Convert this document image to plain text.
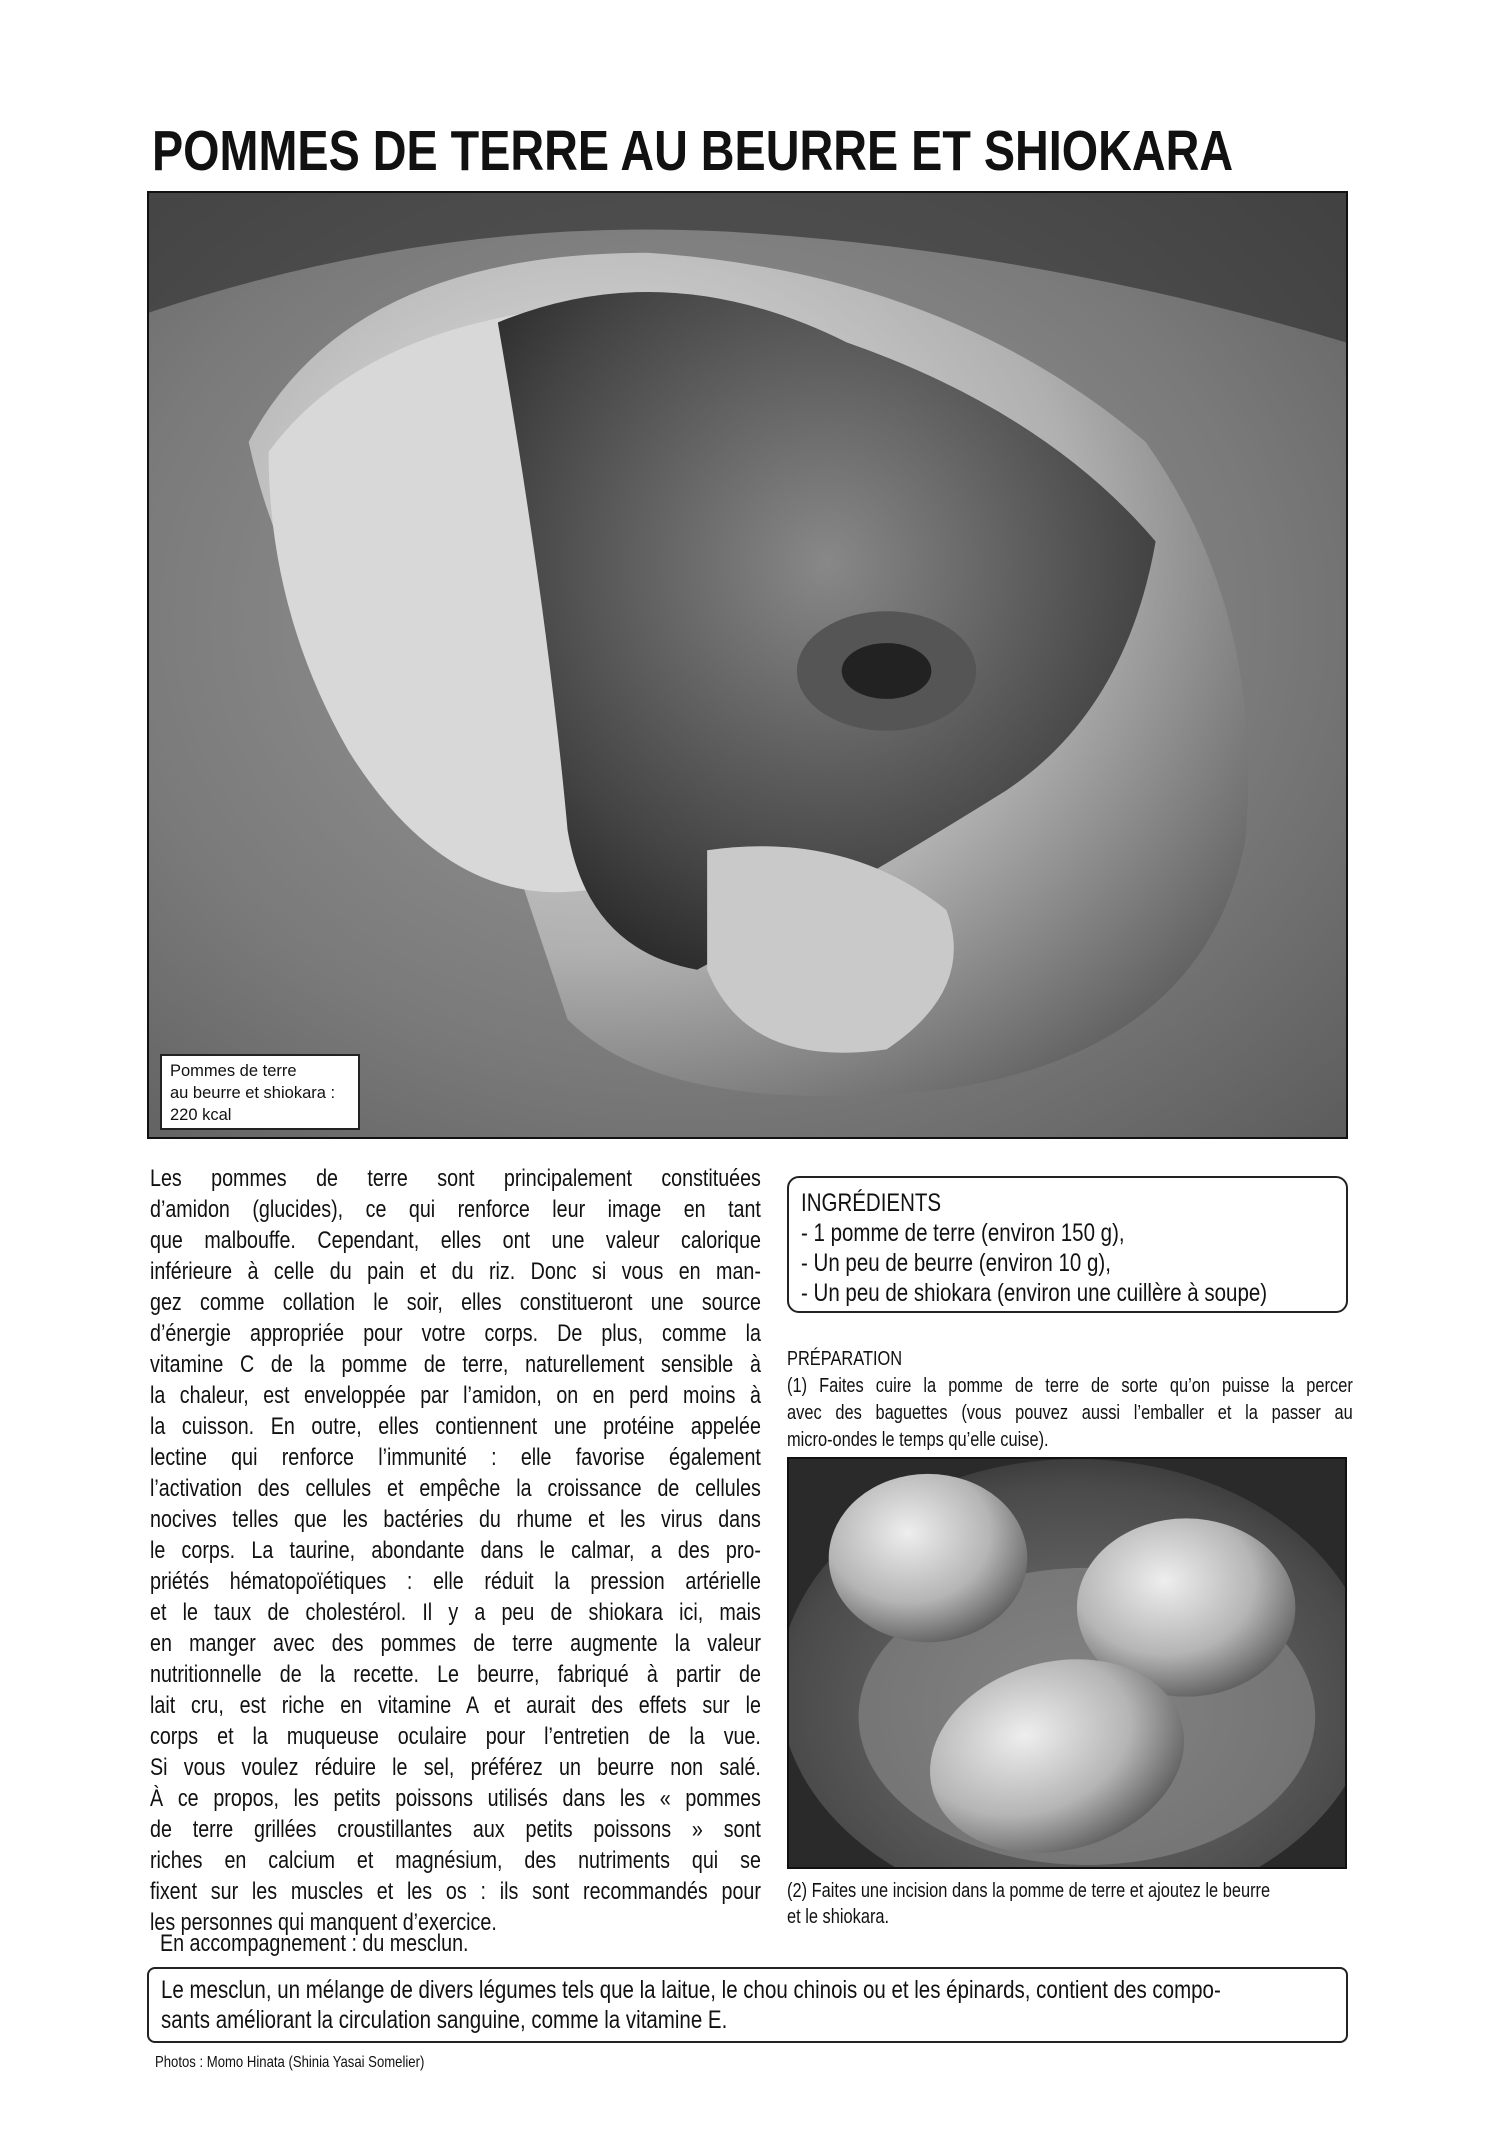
POMMES DE TERRE AU BEURRE ET SHIOKARA
Pommes de terre
au beurre et shiokara :
220 kcal
Les pommes de terre sont principalement constituées
d’amidon (glucides), ce qui renforce leur image en tant
que malbouffe. Cependant, elles ont une valeur calorique
inférieure à celle du pain et du riz. Donc si vous en man-
gez comme collation le soir, elles constitueront une source
d’énergie appropriée pour votre corps. De plus, comme la
vitamine C de la pomme de terre, naturellement sensible à
la chaleur, est enveloppée par l’amidon, on en perd moins à
la cuisson. En outre, elles contiennent une protéine appelée
lectine qui renforce l’immunité : elle favorise également
l’activation des cellules et empêche la croissance de cellules
nocives telles que les bactéries du rhume et les virus dans
le corps. La taurine, abondante dans le calmar, a des pro-
priétés hématopoïétiques : elle réduit la pression artérielle
et le taux de cholestérol. Il y a peu de shiokara ici, mais
en manger avec des pommes de terre augmente la valeur
nutritionnelle de la recette. Le beurre, fabriqué à partir de
lait cru, est riche en vitamine A et aurait des effets sur le
corps et la muqueuse oculaire pour l’entretien de la vue.
Si vous voulez réduire le sel, préférez un beurre non salé.
À ce propos, les petits poissons utilisés dans les « pommes
de terre grillées croustillantes aux petits poissons » sont
riches en calcium et magnésium, des nutriments qui se
fixent sur les muscles et les os : ils sont recommandés pour
les personnes qui manquent d’exercice.
INGRÉDIENTS
- 1 pomme de terre (environ 150 g),
- Un peu de beurre (environ 10 g),
- Un peu de shiokara (environ une cuillère à soupe)
PRÉPARATION
(1) Faites cuire la pomme de terre de sorte qu’on puisse la percer
avec des baguettes (vous pouvez aussi l’emballer et la passer au
micro-ondes le temps qu’elle cuise).
(2) Faites une incision dans la pomme de terre et ajoutez le beurre
et le shiokara.
En accompagnement : du mesclun.
Le mesclun, un mélange de divers légumes tels que la laitue, le chou chinois ou et les épinards, contient des compo-
sants améliorant la circulation sanguine, comme la vitamine E.
Photos : Momo Hinata (Shinia Yasai Somelier)
